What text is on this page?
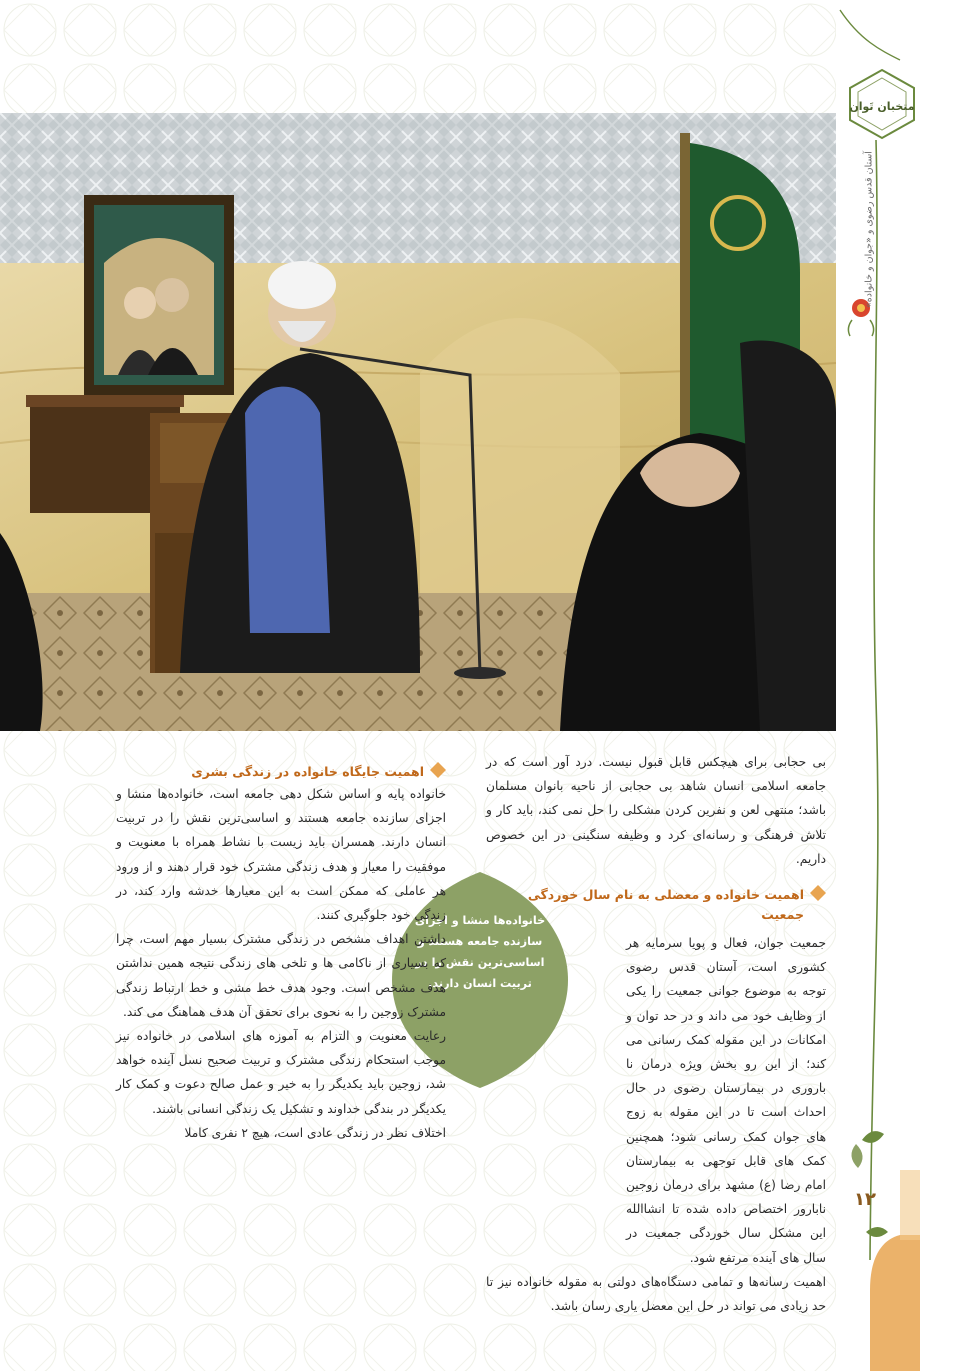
متخبان تَوان
آستان قدس رضوی و «جوان و خانواده»
۱۲
خانواده‌ها منشا و اجزای سازنده جامعه هستند و اساسی‌ترین نقش را در تربیت انسان دارند.

بی حجابی برای هیچکس قابل قبول نیست. درد آور است که در جامعه اسلامی انسان شاهد بی حجابی از ناحیه بانوان مسلمان باشد؛ منتهی لعن و نفرین کردن مشکلی را حل نمی کند، باید کار و تلاش فرهنگی و رسانه‌ای کرد و وظیفه سنگینی در این خصوص داریم.

اهمیت خانواده و معضلی به نام سال خوردگی جمعیت

جمعیت جوان، فعال و پویا سرمایه هر کشوری است، آستان قدس رضوی توجه به موضوع جوانی جمعیت را یکی از وظایف خود می داند و در حد توان و امکانات در این مقوله کمک رسانی می کند؛ از این رو بخش ویژه درمان نا باروری در بیمارستان رضوی در حال احداث است تا در این مقوله به زوج های جوان کمک رسانی شود؛ همچنین کمک های قابل توجهی به بیمارستان امام رضا (ع) مشهد برای درمان زوجین نابارور اختصاص داده شده تا انشاالله این مشکل سال خوردگی جمعیت در سال های آینده مرتفع شود.

اهمیت رسانه‌ها و تمامی دستگاه‌های دولتی به مقوله خانواده نیز تا حد زیادی می تواند در حل این معضل یاری رسان باشد.

اهمیت جایگاه خانواده در زندگی بشری

خانواده پایه و اساس شکل دهی جامعه است، خانواده‌ها منشا و اجزای سازنده جامعه هستند و اساسی‌ترین نقش را در تربیت انسان دارند. همسران باید زیست با نشاط همراه با معنویت و موفقیت را معیار و هدف زندگی مشترک خود قرار دهند و از ورود هر عاملی که ممکن است به این معیارها خدشه وارد کند، در زندگی خود جلوگیری کنند.

داشتن اهداف مشخص در زندگی مشترک بسیار مهم است، چرا که بسیاری از ناکامی ها و تلخی های زندگی نتیجه همین نداشتن هدف مشخص است. وجود هدف خط مشی و خط ارتباط زندگی مشترک زوجین را به نحوی برای تحقق آن هدف هماهنگ می کند.

رعایت معنویت و التزام به آموزه های اسلامی در خانواده نیز موجب استحکام زندگی مشترک و تربیت صحیح نسل آینده خواهد شد، زوجین باید یکدیگر را به خیر و عمل صالح دعوت و کمک کار یکدیگر در بندگی خداوند و تشکیل یک زندگی انسانی باشند.

اختلاف نظر در زندگی عادی است، هیچ ۲ نفری کاملا
